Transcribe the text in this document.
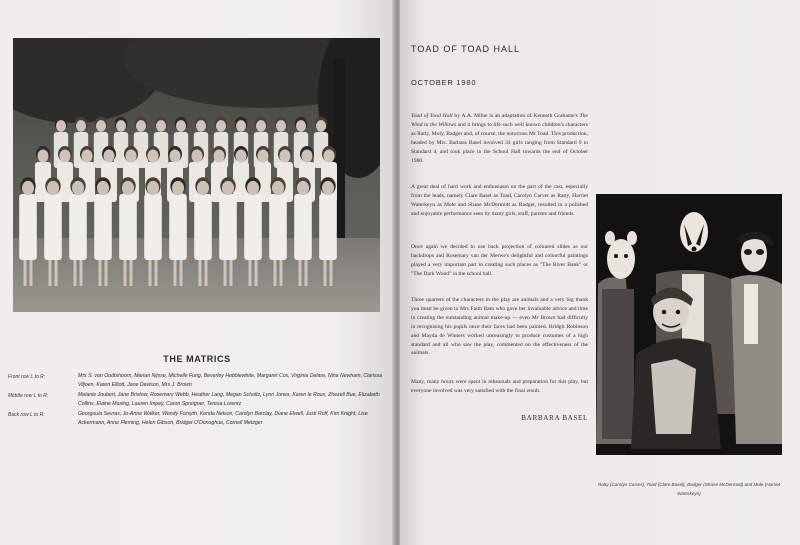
THE MATRICS
Front row L to R:	Mrs S. van Oudtshoorn, Marian Nijsse, Michelle Fung, Beverley Hebblewhite, Margaret Cox, Virginia Delare, Nina Newham, Clarissa Viljoen, Karen Elliott, Jane Davison, Mrs J. Brown
Middle row L to R:	Melanie Joubert, Jane Bristow, Rosemary Webb, Heather Lang, Megan Scholtz, Lynn Jones, Karen le Roux, Zhezell Bue, Elizabeth Collins, Elaine Masing, Lauren Impey, Caron Spreigner, Teresa Lorentz
Back row L to R:	Georgoula Sevras, Jo-Anne Walker, Wendy Forsyth, Kenda Nelson, Carolyn Barclay, Diane Elwell, Justi Roff, Kim Knight, Lise Ackermann, Anne Fleming, Helen Gibson, Bridget O'Donoghue, Cornell Metzger
TOAD OF TOAD HALL
OCTOBER 1980

Toad of Toad Hall by A.A. Milne is an adaptation of Kenneth Grahame's The Wind in the Willows and it brings to life such well known children's characters as Ratty, Moly, Badger and, of course, the notorious Mr Toad. This production, headed by Mrs. Barbara Basel involved 33 girls ranging from Standard 9 to Standard 4, and took place in the School Hall towards the end of October 1980.

A great deal of hard work and enthusiasm on the part of the cast, especially from the leads, namely Clare Basel as Toad, Carolyn Carver as Ratty, Harriet Waterkeyn as Mole and Shane McDermott as Badger, resulted in a polished and enjoyable performance seen by many girls, staff, parents and friends.

Once again we decided to use back projection of coloured slides as our backdrops and Rosemary van der Merwe's delightful and colourful paintings played a very important part in creating such places as "The River Bank" or "The Dark Wood" in the school hall.

Three quarters of the characters in the play are animals and a very big thank you must be given to Mrs Faith Bam who gave her invaluable advice and time in creating the outstanding animal make-up — even Mr Brown had difficulty in recognising his pupils once their faces had been painted. Bridgit Robinson and Mayda de Winters worked unceasingly to produce costumes of a high standard and all who saw the play, commented on the effectiveness of the animals.

Many, many hours were spent in rehearsals and preparation for this play, but everyone involved was very satisfied with the final result.

BARBARA BASEL
Ratty (Carolyn Carver), Toad (Clare Basel), Badger (Shane McDermott) and Mole (Harriet Waterkeyn)
